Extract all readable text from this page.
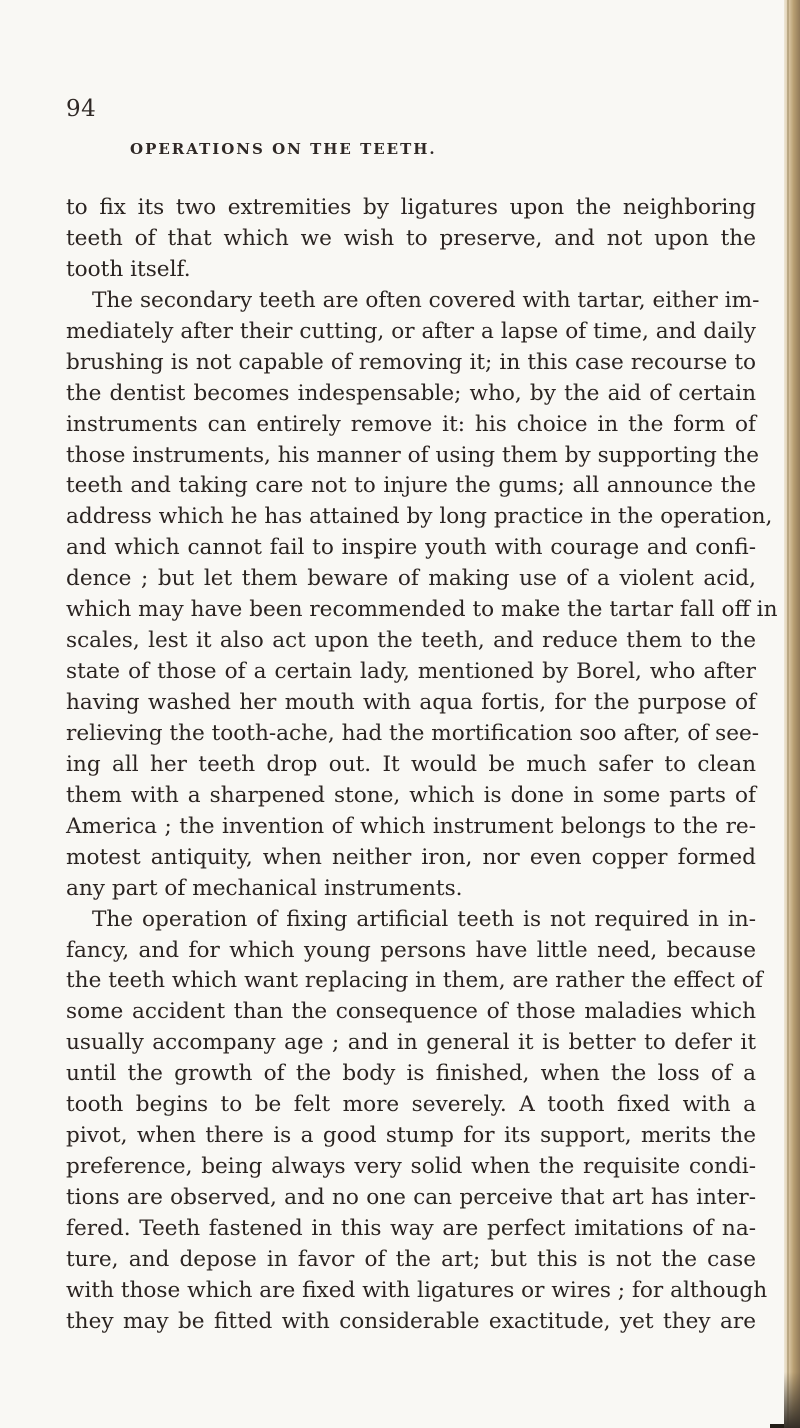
94
OPERATIONS ON THE TEETH.
to fix its two extremities by ligatures upon the neighboring
teeth of that which we wish to preserve, and not upon the
tooth itself.
The secondary teeth are often covered with tartar, either im-
mediately after their cutting, or after a lapse of time, and daily
brushing is not capable of removing it; in this case recourse to
the dentist becomes indespensable; who, by the aid of certain
instruments can entirely remove it: his choice in the form of
those instruments, his manner of using them by supporting the
teeth and taking care not to injure the gums; all announce the
address which he has attained by long practice in the operation,
and which cannot fail to inspire youth with courage and confi-
dence ; but let them beware of making use of a violent acid,
which may have been recommended to make the tartar fall off in
scales, lest it also act upon the teeth, and reduce them to the
state of those of a certain lady, mentioned by Borel, who after
having washed her mouth with aqua fortis, for the purpose of
relieving the tooth-ache, had the mortification soo after, of see-
ing all her teeth drop out. It would be much safer to clean
them with a sharpened stone, which is done in some parts of
America ; the invention of which instrument belongs to the re-
motest antiquity, when neither iron, nor even copper formed
any part of mechanical instruments.
The operation of fixing artificial teeth is not required in in-
fancy, and for which young persons have little need, because
the teeth which want replacing in them, are rather the effect of
some accident than the consequence of those maladies which
usually accompany age ; and in general it is better to defer it
until the growth of the body is finished, when the loss of a
tooth begins to be felt more severely. A tooth fixed with a
pivot, when there is a good stump for its support, merits the
preference, being always very solid when the requisite condi-
tions are observed, and no one can perceive that art has inter-
fered. Teeth fastened in this way are perfect imitations of na-
ture, and depose in favor of the art; but this is not the case
with those which are fixed with ligatures or wires ; for although
they may be fitted with considerable exactitude, yet they are
